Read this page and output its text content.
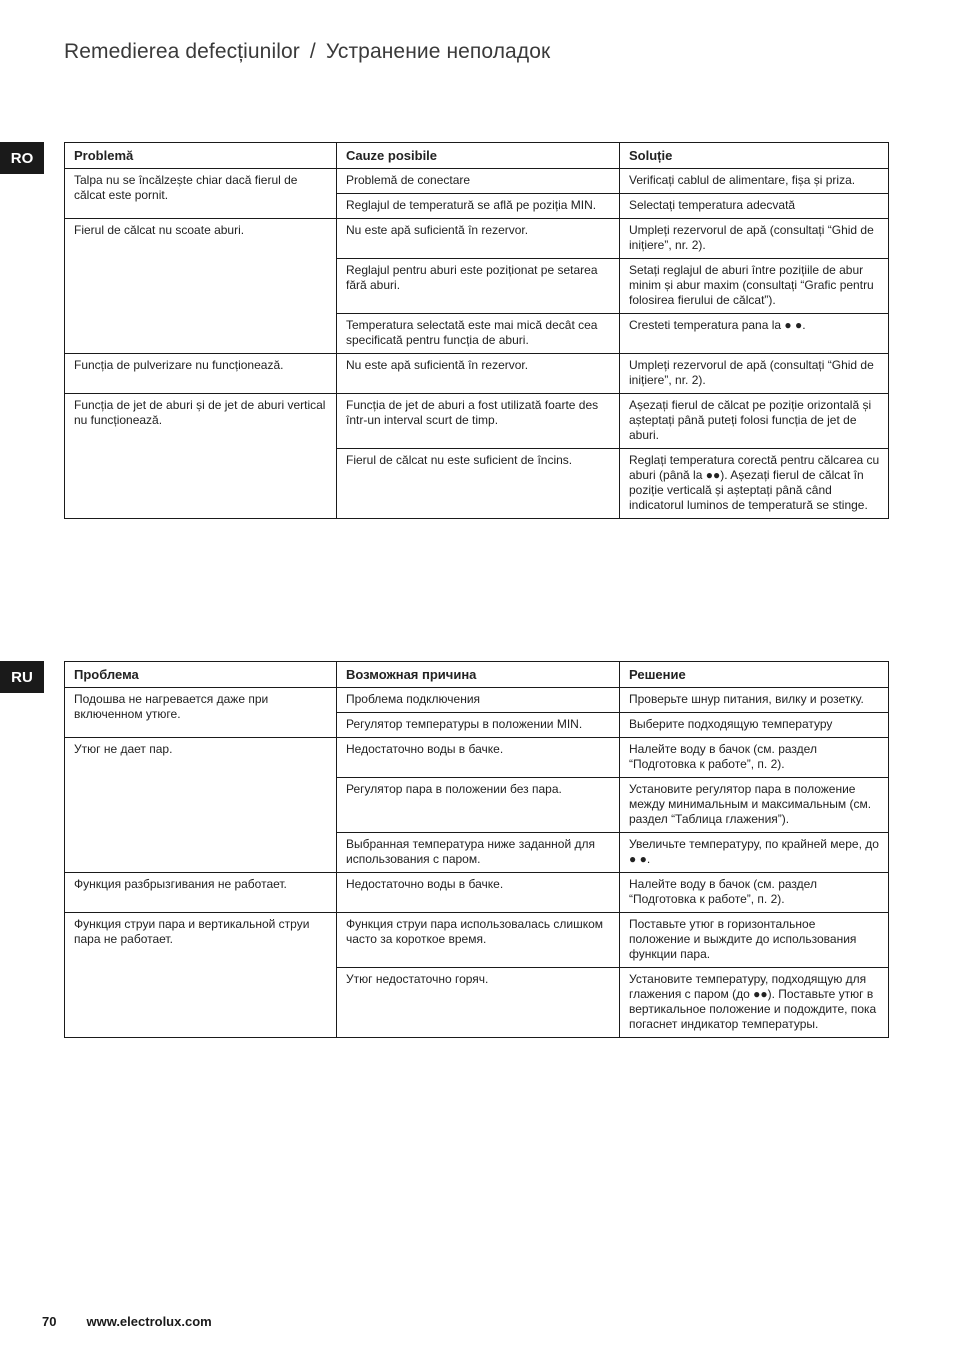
Remedierea defecțiunilor / Устранение неполадок
RO	Problemă	Cauze posibile	Soluție
Talpa nu se încălzește chiar dacă fierul de călcat este pornit.	Problemă de conectare	Verificați cablul de alimentare, fișa și priza.
	Reglajul de temperatură se află pe poziția MIN.	Selectați temperatura adecvată
Fierul de călcat nu scoate aburi.	Nu este apă suficientă în rezervor.	Umpleți rezervorul de apă (consultați “Ghid de inițiere”, nr. 2).
	Reglajul pentru aburi este poziționat pe setarea fără aburi.	Setați reglajul de aburi între pozițiile de abur minim și abur maxim (consultați “Grafic pentru folosirea fierului de călcat”).
	Temperatura selectată este mai mică decât cea specificată pentru funcția de aburi.	Cresteti temperatura pana la ● ●.
Funcția de pulverizare nu funcționează.	Nu este apă suficientă în rezervor.	Umpleți rezervorul de apă (consultați “Ghid de inițiere”, nr. 2).
Funcția de jet de aburi și de jet de aburi vertical nu funcționează.	Funcția de jet de aburi a fost utilizată foarte des într-un interval scurt de timp.	Așezați fierul de călcat pe poziție orizontală și așteptați până puteți folosi funcția de jet de aburi.
	Fierul de călcat nu este suficient de încins.	Reglați temperatura corectă pentru călcarea cu aburi (până la ●●). Așezați fierul de călcat în poziție verticală și așteptați până când indicatorul luminos de temperatură se stinge.
RU	Проблема	Возможная причина	Решение
Подошва не нагревается даже при включенном утюге.	Проблема подключения	Проверьте шнур питания, вилку и розетку.
	Регулятор температуры в положении MIN.	Выберите подходящую температуру
Утюг не дает пар.	Недостаточно воды в бачке.	Налейте воду в бачок (см. раздел “Подготовка к работе”, п. 2).
	Регулятор пара в положении без пара.	Установите регулятор пара в положение между минимальным и максимальным (см. раздел “Таблица глажения”).
	Выбранная температура ниже заданной для использования с паром.	Увеличьте температуру, по крайней мере, до ● ●.
Функция разбрызгивания не работает.	Недостаточно воды в бачке.	Налейте воду в бачок (см. раздел “Подготовка к работе”, п. 2).
Функция струи пара и вертикальной струи пара не работает.	Функция струи пара использовалась слишком часто за короткое время.	Поставьте утюг в горизонтальное положение и выждите до использования функции пара.
	Утюг недостаточно горяч.	Установите температуру, подходящую для глажения с паром (до ●●). Поставьте утюг в вертикальное положение и подождите, пока погаснет индикатор температуры.
70 www.electrolux.com
